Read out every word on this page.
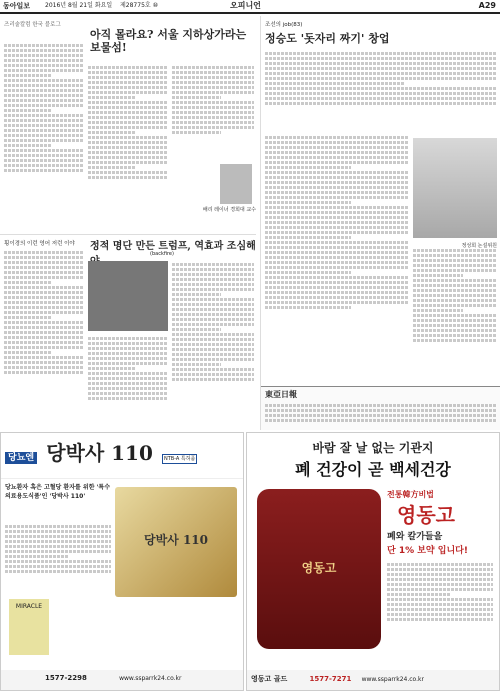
동아일보 2016년 8월 21일 화요일 제28775호 ⑩	오피니언	A29
즈리술칼럼 한국 블로그
아직 몰라요? 서울 지하상가라는 보물섬!
배리 레이너 경희대 교수
조선의 job(83)
정승도 '돗자리 짜기' 창업
정성희 논설위원
東亞日報
횡이경의 이런 영어 저런 이야 정적 명단 만든 트럼프, 역효과 조심해
(backfire)
당뇨엔 당박사 110 NTB-A 특허품
당뇨환자 혹은 고혈당 환자를 위한 '특수의료용도식품'인 '당박사 110'
MIRACLE
당박사 110
1577-2298	www.ssparrk24.co.kr
바람 잘 날 없는 기관지
폐 건강이 곧 백세건강
영동고
전통韓方비법
영동고
폐와 칼가들을
단 1% 보약 입니다!
영동고 골드	1577-7271 www.ssparrk24.co.kr
